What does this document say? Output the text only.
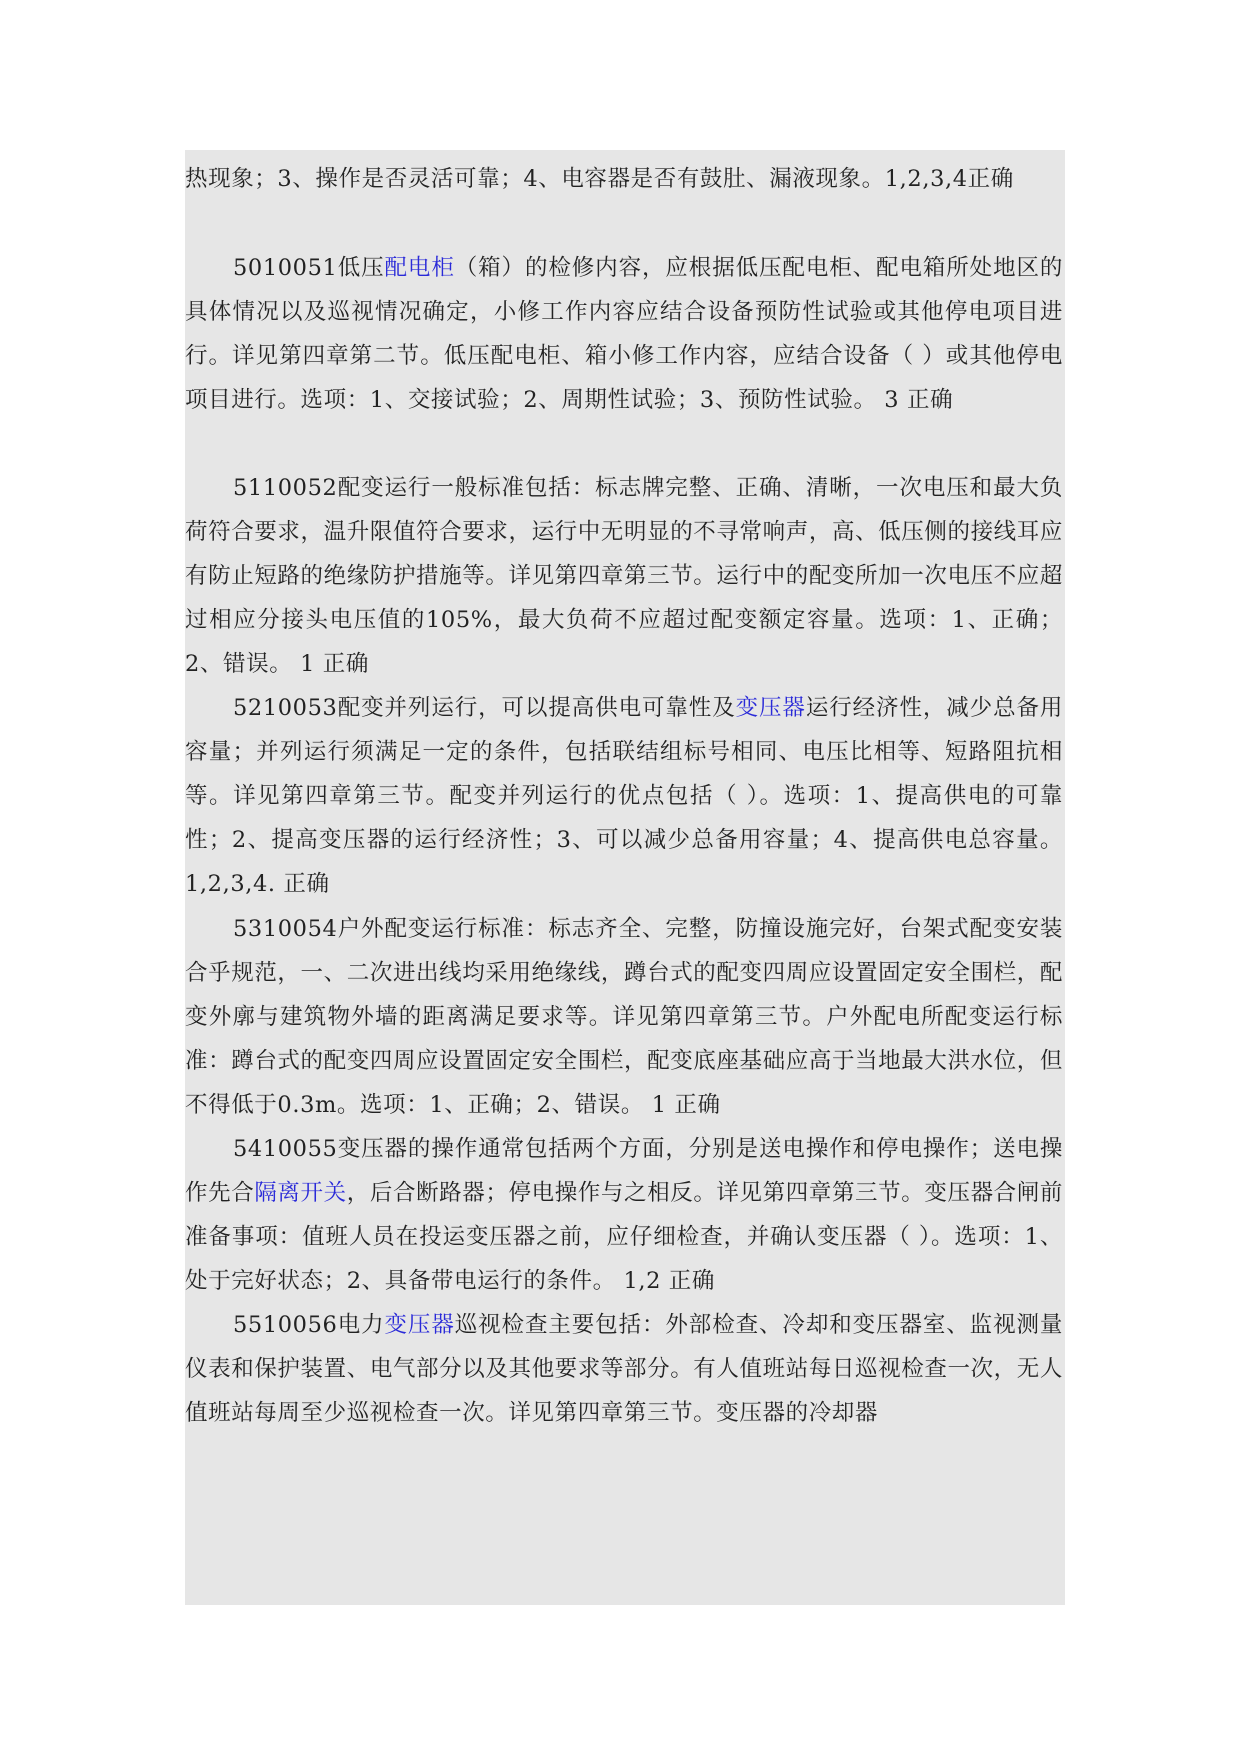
热现象；3、操作是否灵活可靠；4、电容器是否有鼓肚、漏液现象。1,2,3,4正确

5010051低压配电柜（箱）的检修内容，应根据低压配电柜、配电箱所处地区的具体情况以及巡视情况确定，小修工作内容应结合设备预防性试验或其他停电项目进行。详见第四章第二节。低压配电柜、箱小修工作内容，应结合设备（ ）或其他停电项目进行。选项：1、交接试验；2、周期性试验；3、预防性试验。 3 正确

5110052配变运行一般标准包括：标志牌完整、正确、清晰，一次电压和最大负荷符合要求，温升限值符合要求，运行中无明显的不寻常响声，高、低压侧的接线耳应有防止短路的绝缘防护措施等。详见第四章第三节。运行中的配变所加一次电压不应超过相应分接头电压值的105%，最大负荷不应超过配变额定容量。选项：1、正确；2、错误。 1 正确

5210053配变并列运行，可以提高供电可靠性及变压器运行经济性，减少总备用容量；并列运行须满足一定的条件，包括联结组标号相同、电压比相等、短路阻抗相等。详见第四章第三节。配变并列运行的优点包括（ ）。选项：1、提高供电的可靠性；2、提高变压器的运行经济性；3、可以减少总备用容量；4、提高供电总容量。 1,2,3,4. 正确

5310054户外配变运行标准：标志齐全、完整，防撞设施完好，台架式配变安装合乎规范，一、二次进出线均采用绝缘线，蹲台式的配变四周应设置固定安全围栏，配变外廓与建筑物外墙的距离满足要求等。详见第四章第三节。户外配电所配变运行标准：蹲台式的配变四周应设置固定安全围栏，配变底座基础应高于当地最大洪水位，但不得低于0.3m。选项：1、正确；2、错误。 1 正确

5410055变压器的操作通常包括两个方面，分别是送电操作和停电操作；送电操作先合隔离开关，后合断路器；停电操作与之相反。详见第四章第三节。变压器合闸前准备事项：值班人员在投运变压器之前，应仔细检查，并确认变压器（ ）。选项：1、处于完好状态；2、具备带电运行的条件。 1,2 正确

5510056电力变压器巡视检查主要包括：外部检查、冷却和变压器室、监视测量仪表和保护装置、电气部分以及其他要求等部分。有人值班站每日巡视检查一次，无人值班站每周至少巡视检查一次。详见第四章第三节。变压器的冷却器
